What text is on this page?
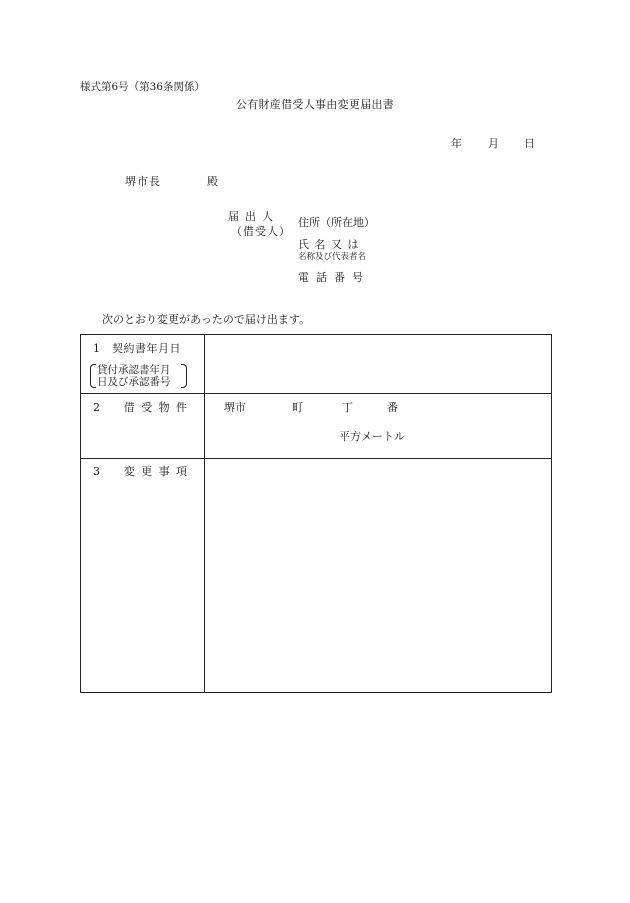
様式第6号（第36条関係）
公有財産借受人事由変更届出書
年 月 日
堺市長	殿
届出人
（借受人）
住所（所在地）
氏名又は
名称及び代表者名
電話番号
次のとおり変更があったので届け出ます。
1　契約書年月日
貸付承認書年月
日及び承認番号
2　借受物件	堺市	町	丁	番
平方メートル
3　変更事項
